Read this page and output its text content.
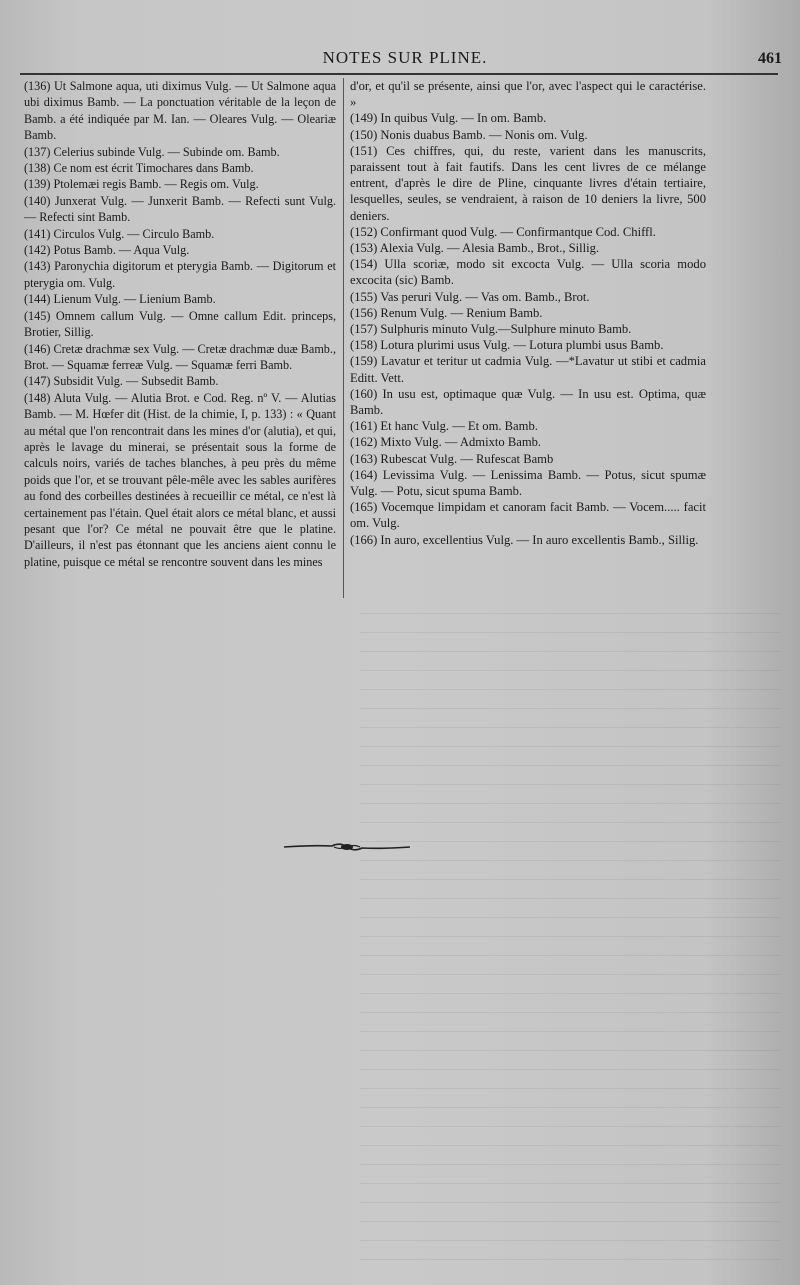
NOTES SUR PLINE.	461

(136) Ut Salmone aqua, uti diximus Vulg. — Ut Salmone aqua ubi diximus Bamb. — La ponctuation véritable de la leçon de Bamb. a été indiquée par M. Ian. — Oleares Vulg. — Oleariæ Bamb.

(137) Celerius subinde Vulg. — Subinde om. Bamb.

(138) Ce nom est écrit Timochares dans Bamb.

(139) Ptolemæi regis Bamb. — Regis om. Vulg.

(140) Junxerat Vulg. — Junxerit Bamb. — Refecti sunt Vulg. — Refecti sint Bamb.

(141) Circulos Vulg. — Circulo Bamb.

(142) Potus Bamb. — Aqua Vulg.

(143) Paronychia digitorum et pterygia Bamb. — Digitorum et pterygia om. Vulg.

(144) Lienum Vulg. — Lienium Bamb.

(145) Omnem callum Vulg. — Omne callum Edit. princeps, Brotier, Sillig.

(146) Cretæ drachmæ sex Vulg. — Cretæ drachmæ duæ Bamb., Brot. — Squamæ ferreæ Vulg. — Squamæ ferri Bamb.

(147) Subsidit Vulg. — Subsedit Bamb.

(148) Aluta Vulg. — Alutia Brot. e Cod. Reg. nº V. — Alutias Bamb. — M. Hœfer dit (Hist. de la chimie, I, p. 133) : « Quant au métal que l'on rencontrait dans les mines d'or (alutia), et qui, après le lavage du minerai, se présentait sous la forme de calculs noirs, variés de taches blanches, à peu près du même poids que l'or, et se trouvant pêle-mêle avec les sables aurifères au fond des corbeilles destinées à recueillir ce métal, ce n'est là certainement pas l'étain. Quel était alors ce métal blanc, et aussi pesant que l'or? Ce métal ne pouvait être que le platine. D'ailleurs, il n'est pas étonnant que les anciens aient connu le platine, puisque ce métal se rencontre souvent dans les mines

d'or, et qu'il se présente, ainsi que l'or, avec l'aspect qui le caractérise. »

(149) In quibus Vulg. — In om. Bamb.

(150) Nonis duabus Bamb. — Nonis om. Vulg.

(151) Ces chiffres, qui, du reste, varient dans les manuscrits, paraissent tout à fait fautifs. Dans les cent livres de ce mélange entrent, d'après le dire de Pline, cinquante livres d'étain tertiaire, lesquelles, seules, se vendraient, à raison de 10 deniers la livre, 500 deniers.

(152) Confirmant quod Vulg. — Confirmantque Cod. Chiffl.

(153) Alexia Vulg. — Alesia Bamb., Brot., Sillig.

(154) Ulla scoriæ, modo sit excocta Vulg. — Ulla scoria modo excocita (sic) Bamb.

(155) Vas peruri Vulg. — Vas om. Bamb., Brot.

(156) Renum Vulg. — Renium Bamb.

(157) Sulphuris minuto Vulg.—Sulphure minuto Bamb.

(158) Lotura plurimi usus Vulg. — Lotura plumbi usus Bamb.

(159) Lavatur et teritur ut cadmia Vulg. —*Lavatur ut stibi et cadmia Editt. Vett.

(160) In usu est, optimaque quæ Vulg. — In usu est. Optima, quæ Bamb.

(161) Et hanc Vulg. — Et om. Bamb.

(162) Mixto Vulg. — Admixto Bamb.

(163) Rubescat Vulg. — Rufescat Bamb

(164) Levissima Vulg. — Lenissima Bamb. — Potus, sicut spumæ Vulg. — Potu, sicut spuma Bamb.

(165) Vocemque limpidam et canoram facit Bamb. — Vocem..... facit om. Vulg.

(166) In auro, excellentius Vulg. — In auro excellentis Bamb., Sillig.
